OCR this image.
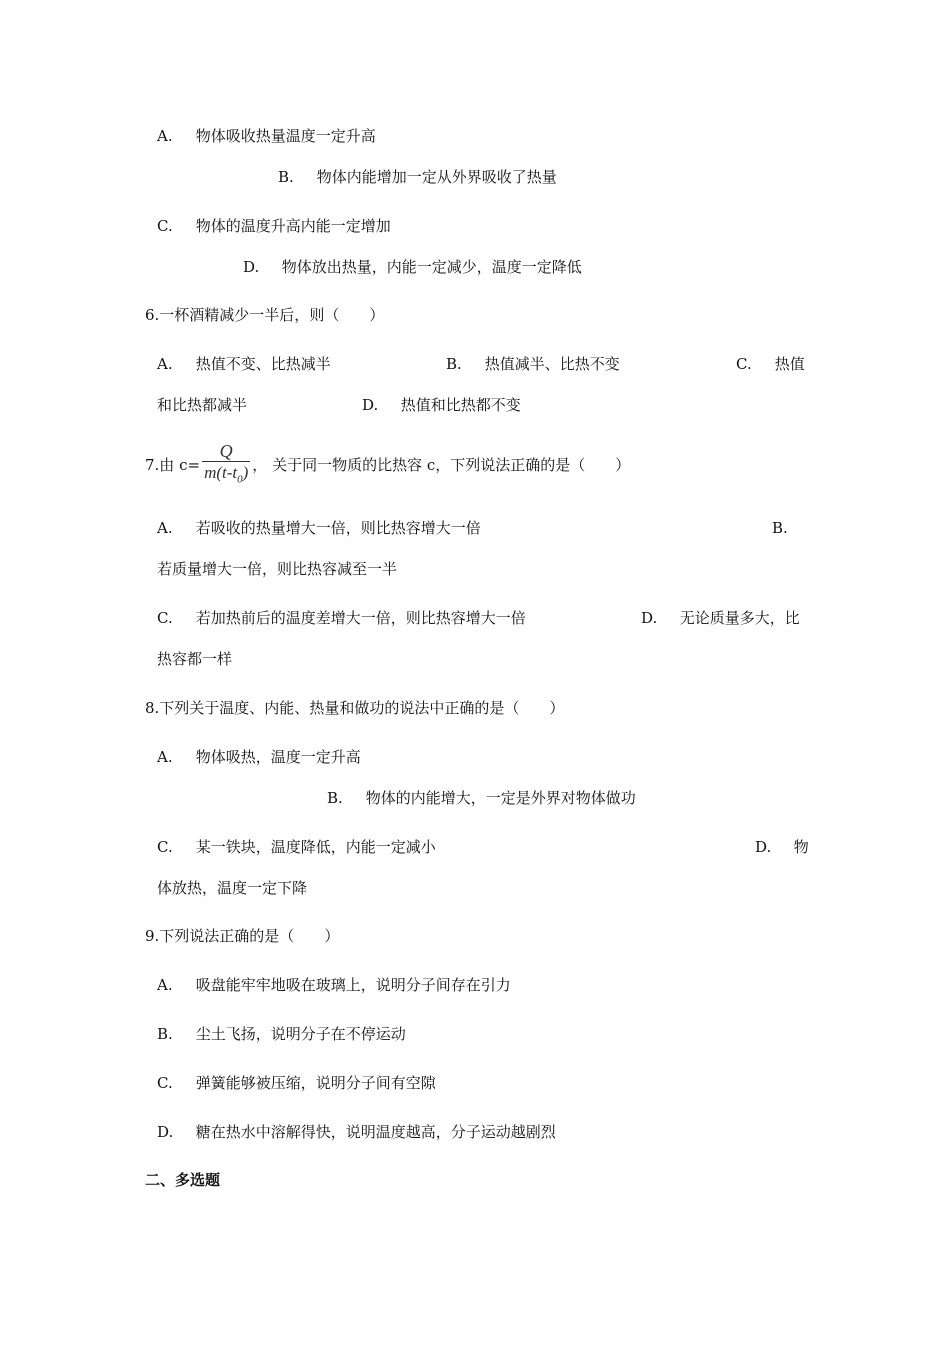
A. 物体吸收热量温度一定升高
B. 物体内能增加一定从外界吸收了热量
C. 物体的温度升高内能一定增加
D. 物体放出热量，内能一定减少，温度一定降低
6.一杯酒精减少一半后，则（　　）
A. 热值不变、比热减半	B. 热值减半、比热不变	C. 热值
和比热都减半	D. 热值和比热都不变
7.由 $c= \frac{Q}{m(t-t_0)}$ ， 关于同一物质的比热容 c，下列说法正确的是（　　）
A. 若吸收的热量增大一倍，则比热容增大一倍	B.
若质量增大一倍，则比热容减至一半
C. 若加热前后的温度差增大一倍，则比热容增大一倍	D. 无论质量多大，比
热容都一样
8.下列关于温度、内能、热量和做功的说法中正确的是（　　）
A. 物体吸热，温度一定升高
B. 物体的内能增大，一定是外界对物体做功
C. 某一铁块，温度降低，内能一定减小	D. 物
体放热，温度一定下降
9.下列说法正确的是（　　）
A. 吸盘能牢牢地吸在玻璃上，说明分子间存在引力
B. 尘土飞扬，说明分子在不停运动
C. 弹簧能够被压缩，说明分子间有空隙
D. 糖在热水中溶解得快，说明温度越高，分子运动越剧烈
二、多选题
